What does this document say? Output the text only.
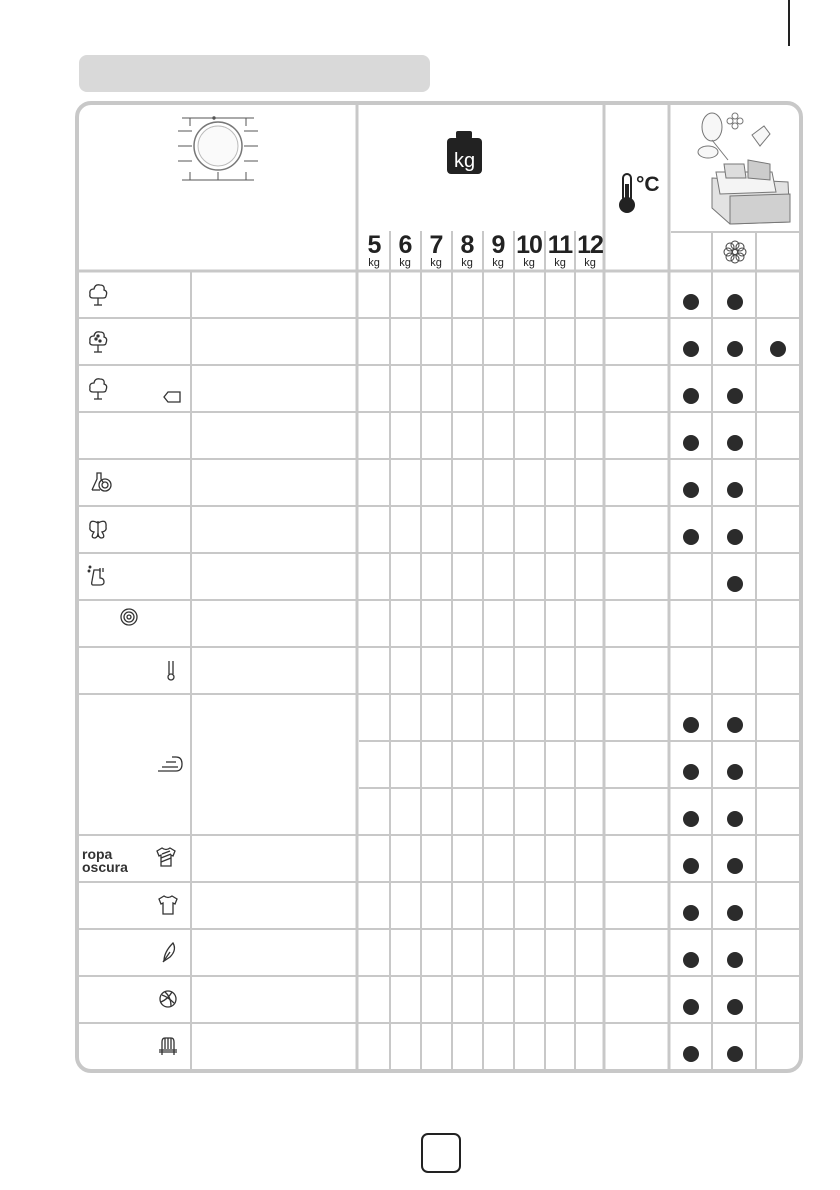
kg
5
kg
6
kg
7
kg
8
kg
9
kg
10
kg
11
kg
12
kg
°C
ropa
oscura
